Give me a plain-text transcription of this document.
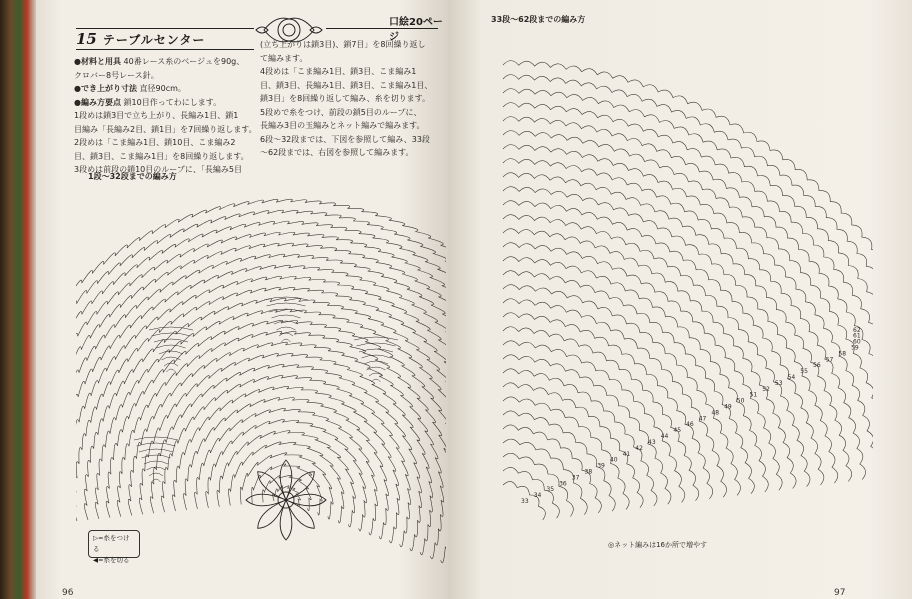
15 テーブルセンター
口絵20ページ
●材料と用具 40番レース糸のベージュを90g、
クロバー8号レース針。
●でき上がり寸法 直径90cm。
●編み方要点 鎖10目作ってわにします。
1段めは鎖3目で立ち上がり、長編み1目、鎖1
目編み「長編み2目、鎖1目」を7回繰り返します。
2段めは「こま編み1目、鎖10目、こま編み2
目、鎖3目、こま編み1目」を8回繰り返します。
3段めは前段の鎖10目のループに、「長編み5目
(立ち上がりは鎖3目)、鎖7目」を8回繰り返し
て編みます。
4段めは「こま編み1目、鎖3目、こま編み1
目、鎖3目、長編み1目、鎖3目、こま編み1目、
鎖3目」を8回繰り返して編み、糸を切ります。
5段めで糸をつけ、前段の鎖5目のループに、
長編み3目の玉編みとネット編みで編みます。
6段～32段までは、下図を参照して編み、33段
～62段までは、右図を参照して編みます。
1段～32段までの編み方
▷=糸をつける
◀=糸を切る
96
33段～62段までの編み方
62
61
60
59
58
57
56
55
54
53
52
51
50
49
48
47
46
45
44
43
42
41
40
39
38
37
36
35
34
33
◎ネット編みは16か所で増やす
97
